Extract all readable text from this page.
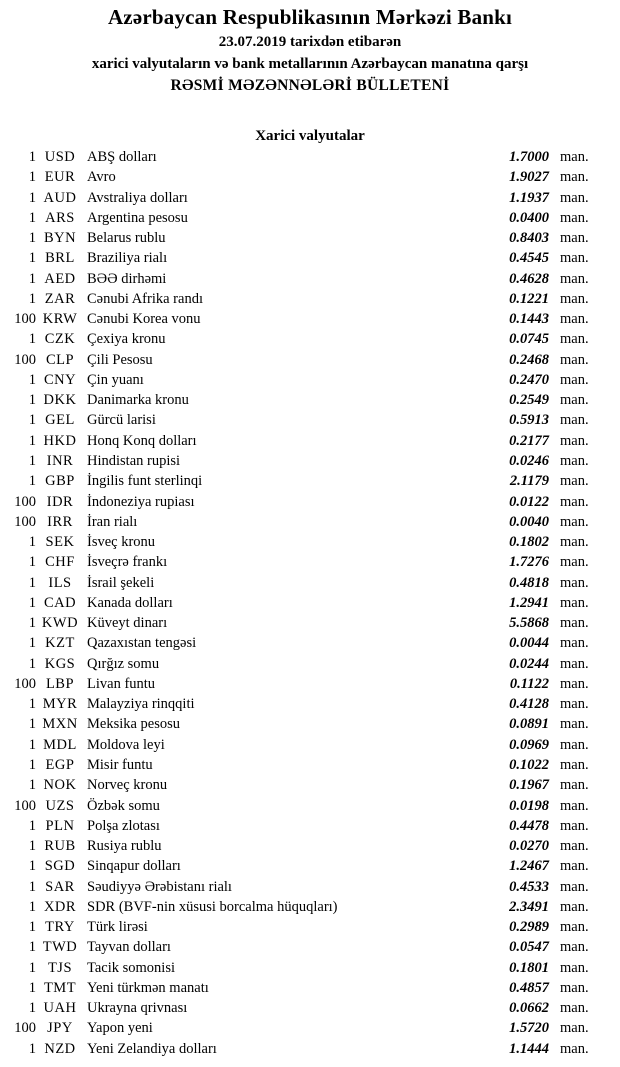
Azərbaycan Respublikasının Mərkəzi Bankı
23.07.2019 tarixdən etibarən
xarici valyutaların və bank metallarının Azərbaycan manatına qarşı
RƏSMİ MƏZƏNNƏLƏRİ BÜLLETENİ
Xarici valyutalar
1 USD ABŞ dolları	1.7000 man.
1 EUR Avro	1.9027 man.
1 AUD Avstraliya dolları	1.1937 man.
1 ARS Argentina pesosu	0.0400 man.
1 BYN Belarus rublu	0.8403 man.
1 BRL Braziliya rialı	0.4545 man.
1 AED BƏƏ dirhəmi	0.4628 man.
1 ZAR Cənubi Afrika randı	0.1221 man.
100 KRW Cənubi Korea vonu	0.1443 man.
1 CZK Çexiya kronu	0.0745 man.
100 CLP Çili Pesosu	0.2468 man.
1 CNY Çin yuanı	0.2470 man.
1 DKK Danimarka kronu	0.2549 man.
1 GEL Gürcü larisi	0.5913 man.
1 HKD Honq Konq dolları	0.2177 man.
1 INR Hindistan rupisi	0.0246 man.
1 GBP İngilis funt sterlinqi	2.1179 man.
100 IDR İndoneziya rupiası	0.0122 man.
100 IRR İran rialı	0.0040 man.
1 SEK İsveç kronu	0.1802 man.
1 CHF İsveçrə frankı	1.7276 man.
1 ILS	İsrail şekeli	0.4818 man.
1 CAD Kanada dolları	1.2941 man.
1 KWD Küveyt dinarı	5.5868 man.
1 KZT Qazaxıstan tengəsi	0.0044 man.
1 KGS Qırğız somu	0.0244 man.
100 LBP Livan funtu	0.1122 man.
1 MYR Malayziya rinqqiti	0.4128 man.
1 MXN Meksika pesosu	0.0891 man.
1 MDL Moldova leyi	0.0969 man.
1 EGP Misir funtu	0.1022 man.
1 NOK Norveç kronu	0.1967 man.
100 UZS Özbək somu	0.0198 man.
1 PLN Polşa zlotası	0.4478 man.
1 RUB Rusiya rublu	0.0270 man.
1 SGD Sinqapur dolları	1.2467 man.
1 SAR Səudiyyə Ərəbistanı rialı	0.4533 man.
1 XDR SDR (BVF-nin xüsusi borcalma hüquqları)	2.3491 man.
1 TRY Türk lirəsi	0.2989 man.
1 TWD Tayvan dolları	0.0547 man.
1 TJS	Tacik somonisi	0.1801 man.
1 TMT Yeni türkmən manatı	0.4857 man.
1 UAH Ukrayna qrivnası	0.0662 man.
100 JPY Yapon yeni	1.5720 man.
1 NZD Yeni Zelandiya dolları	1.1444 man.
